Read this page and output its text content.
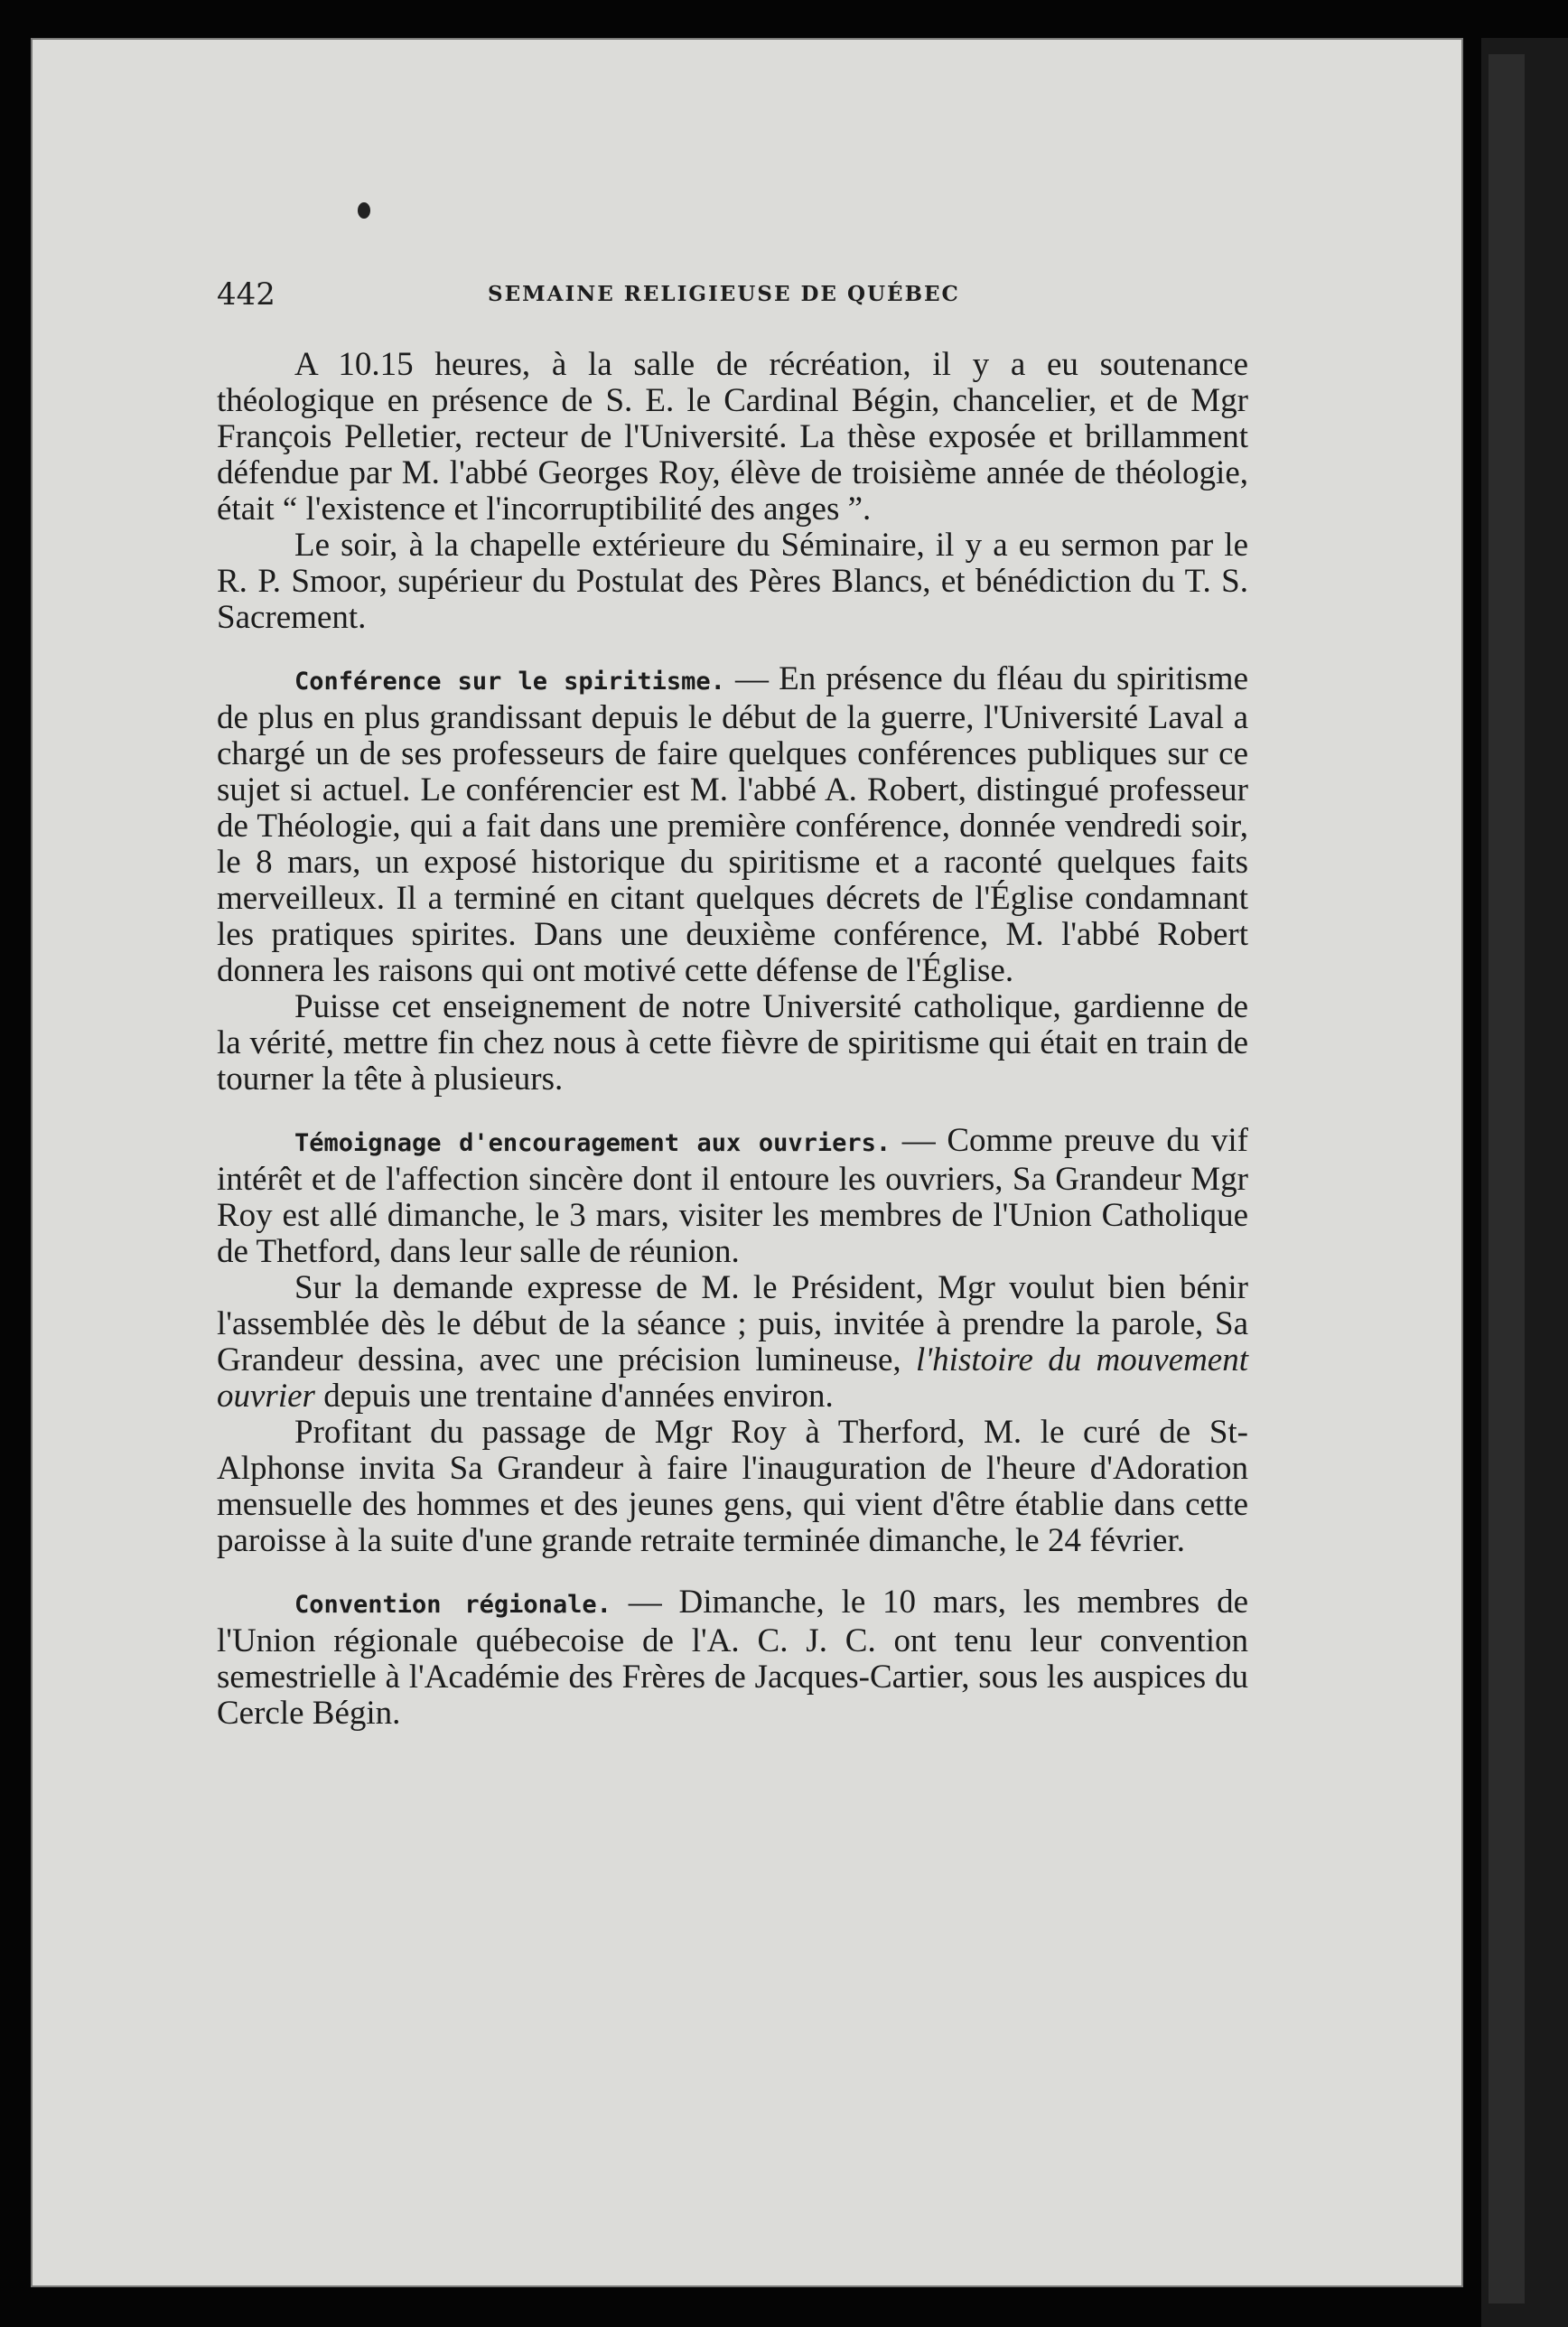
442	SEMAINE RELIGIEUSE DE QUÉBEC

A 10.15 heures, à la salle de récréation, il y a eu soutenance théologique en présence de S. E. le Cardinal Bégin, chancelier, et de Mgr François Pelletier, recteur de l'Université. La thèse exposée et brillamment défendue par M. l'abbé Georges Roy, élève de troisième année de théologie, était “ l'existence et l'incorruptibilité des anges ”.

Le soir, à la chapelle extérieure du Séminaire, il y a eu sermon par le R. P. Smoor, supérieur du Postulat des Pères Blancs, et bénédiction du T. S. Sacrement.

Conférence sur le spiritisme. — En présence du fléau du spiritisme de plus en plus grandissant depuis le début de la guerre, l'Université Laval a chargé un de ses professeurs de faire quelques conférences publiques sur ce sujet si actuel. Le conférencier est M. l'abbé A. Robert, distingué professeur de Théologie, qui a fait dans une première conférence, donnée vendredi soir, le 8 mars, un exposé historique du spiritisme et a raconté quelques faits merveilleux. Il a terminé en citant quelques décrets de l'Église condamnant les pratiques spirites. Dans une deuxième conférence, M. l'abbé Robert donnera les raisons qui ont motivé cette défense de l'Église.

Puisse cet enseignement de notre Université catholique, gardienne de la vérité, mettre fin chez nous à cette fièvre de spiritisme qui était en train de tourner la tête à plusieurs.

Témoignage d'encouragement aux ouvriers. — Comme preuve du vif intérêt et de l'affection sincère dont il entoure les ouvriers, Sa Grandeur Mgr Roy est allé dimanche, le 3 mars, visiter les membres de l'Union Catholique de Thetford, dans leur salle de réunion.

Sur la demande expresse de M. le Président, Mgr voulut bien bénir l'assemblée dès le début de la séance ; puis, invitée à prendre la parole, Sa Grandeur dessina, avec une précision lumineuse, l'histoire du mouvement ouvrier depuis une trentaine d'années environ.

Profitant du passage de Mgr Roy à Therford, M. le curé de St-Alphonse invita Sa Grandeur à faire l'inauguration de l'heure d'Adoration mensuelle des hommes et des jeunes gens, qui vient d'être établie dans cette paroisse à la suite d'une grande retraite terminée dimanche, le 24 février.

Convention régionale. — Dimanche, le 10 mars, les membres de l'Union régionale québecoise de l'A. C. J. C. ont tenu leur convention semestrielle à l'Académie des Frères de Jacques-Cartier, sous les auspices du Cercle Bégin.
